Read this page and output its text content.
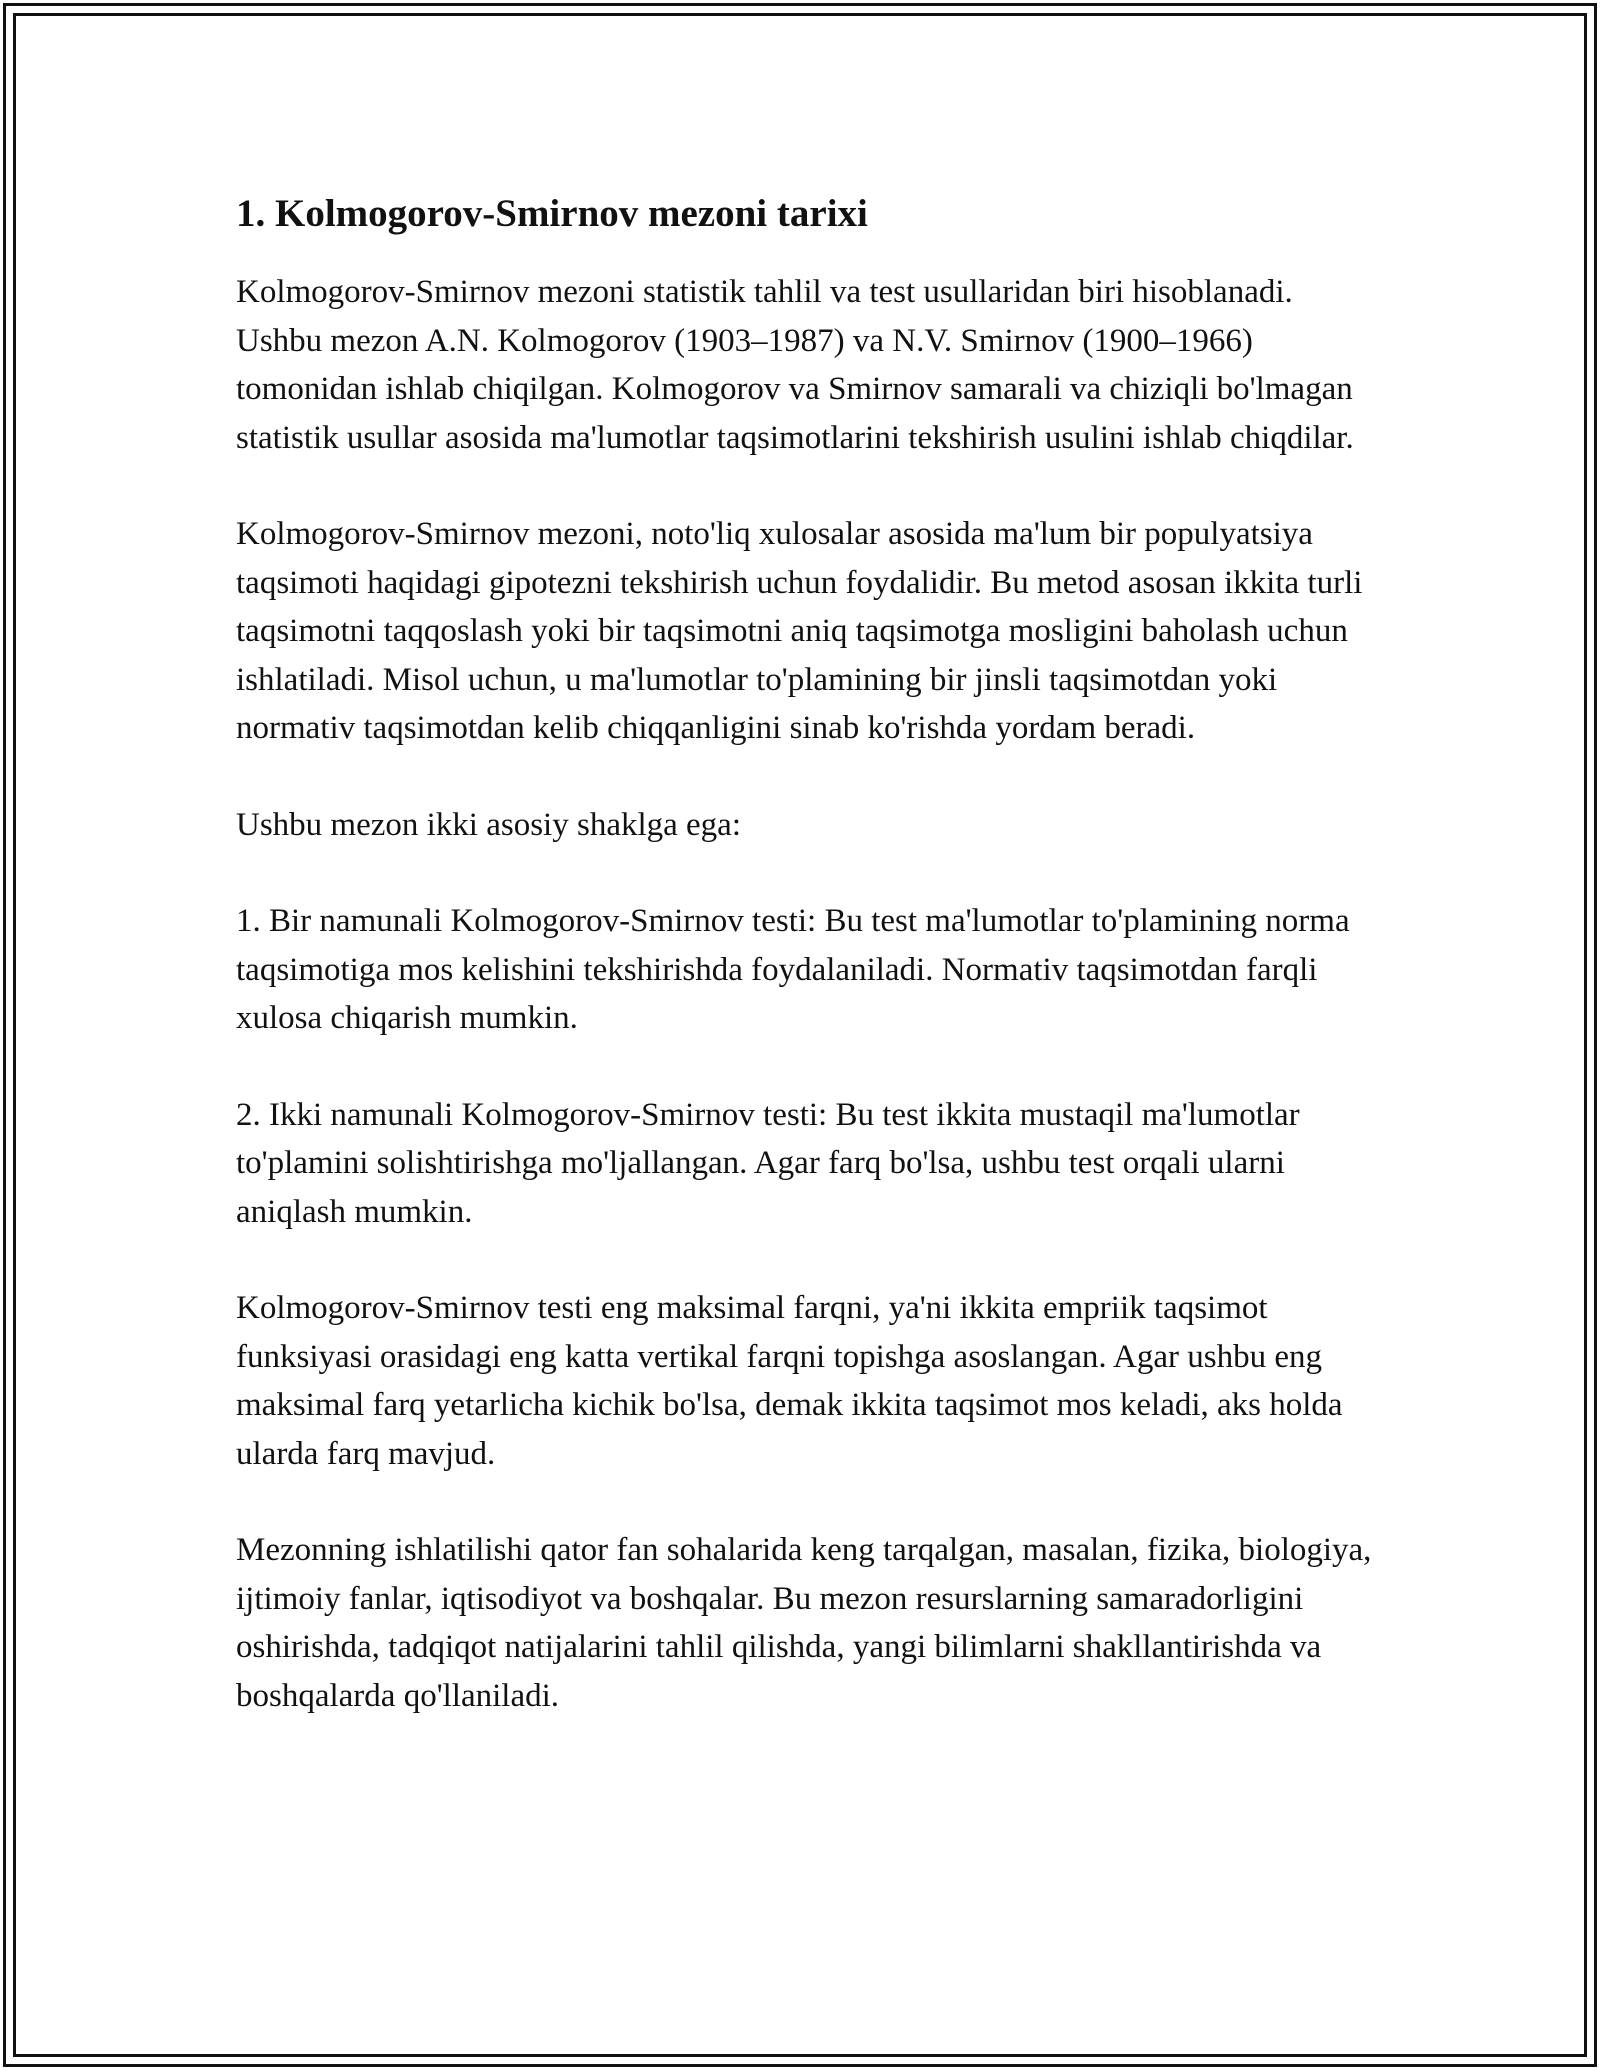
1. Kolmogorov-Smirnov mezoni tarixi

Kolmogorov-Smirnov mezoni statistik tahlil va test usullaridan biri hisoblanadi. Ushbu mezon A.N. Kolmogorov (1903–1987) va N.V. Smirnov (1900–1966) tomonidan ishlab chiqilgan. Kolmogorov va Smirnov samarali va chiziqli bo'lmagan statistik usullar asosida ma'lumotlar taqsimotlarini tekshirish usulini ishlab chiqdilar.

Kolmogorov-Smirnov mezoni, noto'liq xulosalar asosida ma'lum bir populyatsiya taqsimoti haqidagi gipotezni tekshirish uchun foydalidir. Bu metod asosan ikkita turli taqsimotni taqqoslash yoki bir taqsimotni aniq taqsimotga mosligini baholash uchun ishlatiladi. Misol uchun, u ma'lumotlar to'plamining bir jinsli taqsimotdan yoki normativ taqsimotdan kelib chiqqanligini sinab ko'rishda yordam beradi.

Ushbu mezon ikki asosiy shaklga ega:

1. Bir namunali Kolmogorov-Smirnov testi: Bu test ma'lumotlar to'plamining norma taqsimotiga mos kelishini tekshirishda foydalaniladi. Normativ taqsimotdan farqli xulosa chiqarish mumkin.

2. Ikki namunali Kolmogorov-Smirnov testi: Bu test ikkita mustaqil ma'lumotlar to'plamini solishtirishga mo'ljallangan. Agar farq bo'lsa, ushbu test orqali ularni aniqlash mumkin.

Kolmogorov-Smirnov testi eng maksimal farqni, ya'ni ikkita empriik taqsimot funksiyasi orasidagi eng katta vertikal farqni topishga asoslangan. Agar ushbu eng maksimal farq yetarlicha kichik bo'lsa, demak ikkita taqsimot mos keladi, aks holda ularda farq mavjud.

Mezonning ishlatilishi qator fan sohalarida keng tarqalgan, masalan, fizika, biologiya, ijtimoiy fanlar, iqtisodiyot va boshqalar. Bu mezon resurslarning samaradorligini oshirishda, tadqiqot natijalarini tahlil qilishda, yangi bilimlarni shakllantirishda va boshqalarda qo'llaniladi.
